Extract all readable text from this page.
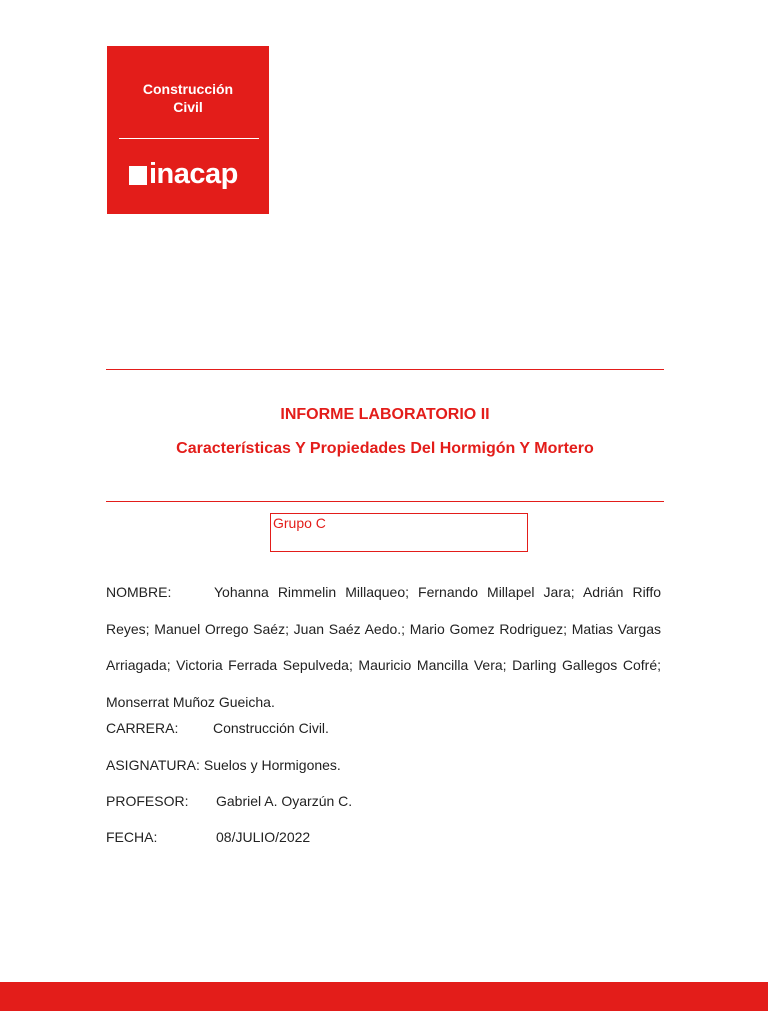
Construcción
Civil
inacap
INFORME LABORATORIO II
Características Y Propiedades Del Hormigón Y Mortero
Grupo C
NOMBRE:	Yohanna Rimmelin Millaqueo; Fernando Millapel Jara; Adrián Riffo Reyes; Manuel Orrego Saéz; Juan Saéz Aedo.; Mario Gomez Rodriguez; Matias Vargas Arriagada; Victoria Ferrada Sepulveda; Mauricio Mancilla Vera; Darling Gallegos Cofré; Monserrat Muñoz Gueicha.
CARRERA: Construcción Civil.
ASIGNATURA: Suelos y Hormigones.
PROFESOR: Gabriel A. Oyarzún C.
FECHA:	08/JULIO/2022
